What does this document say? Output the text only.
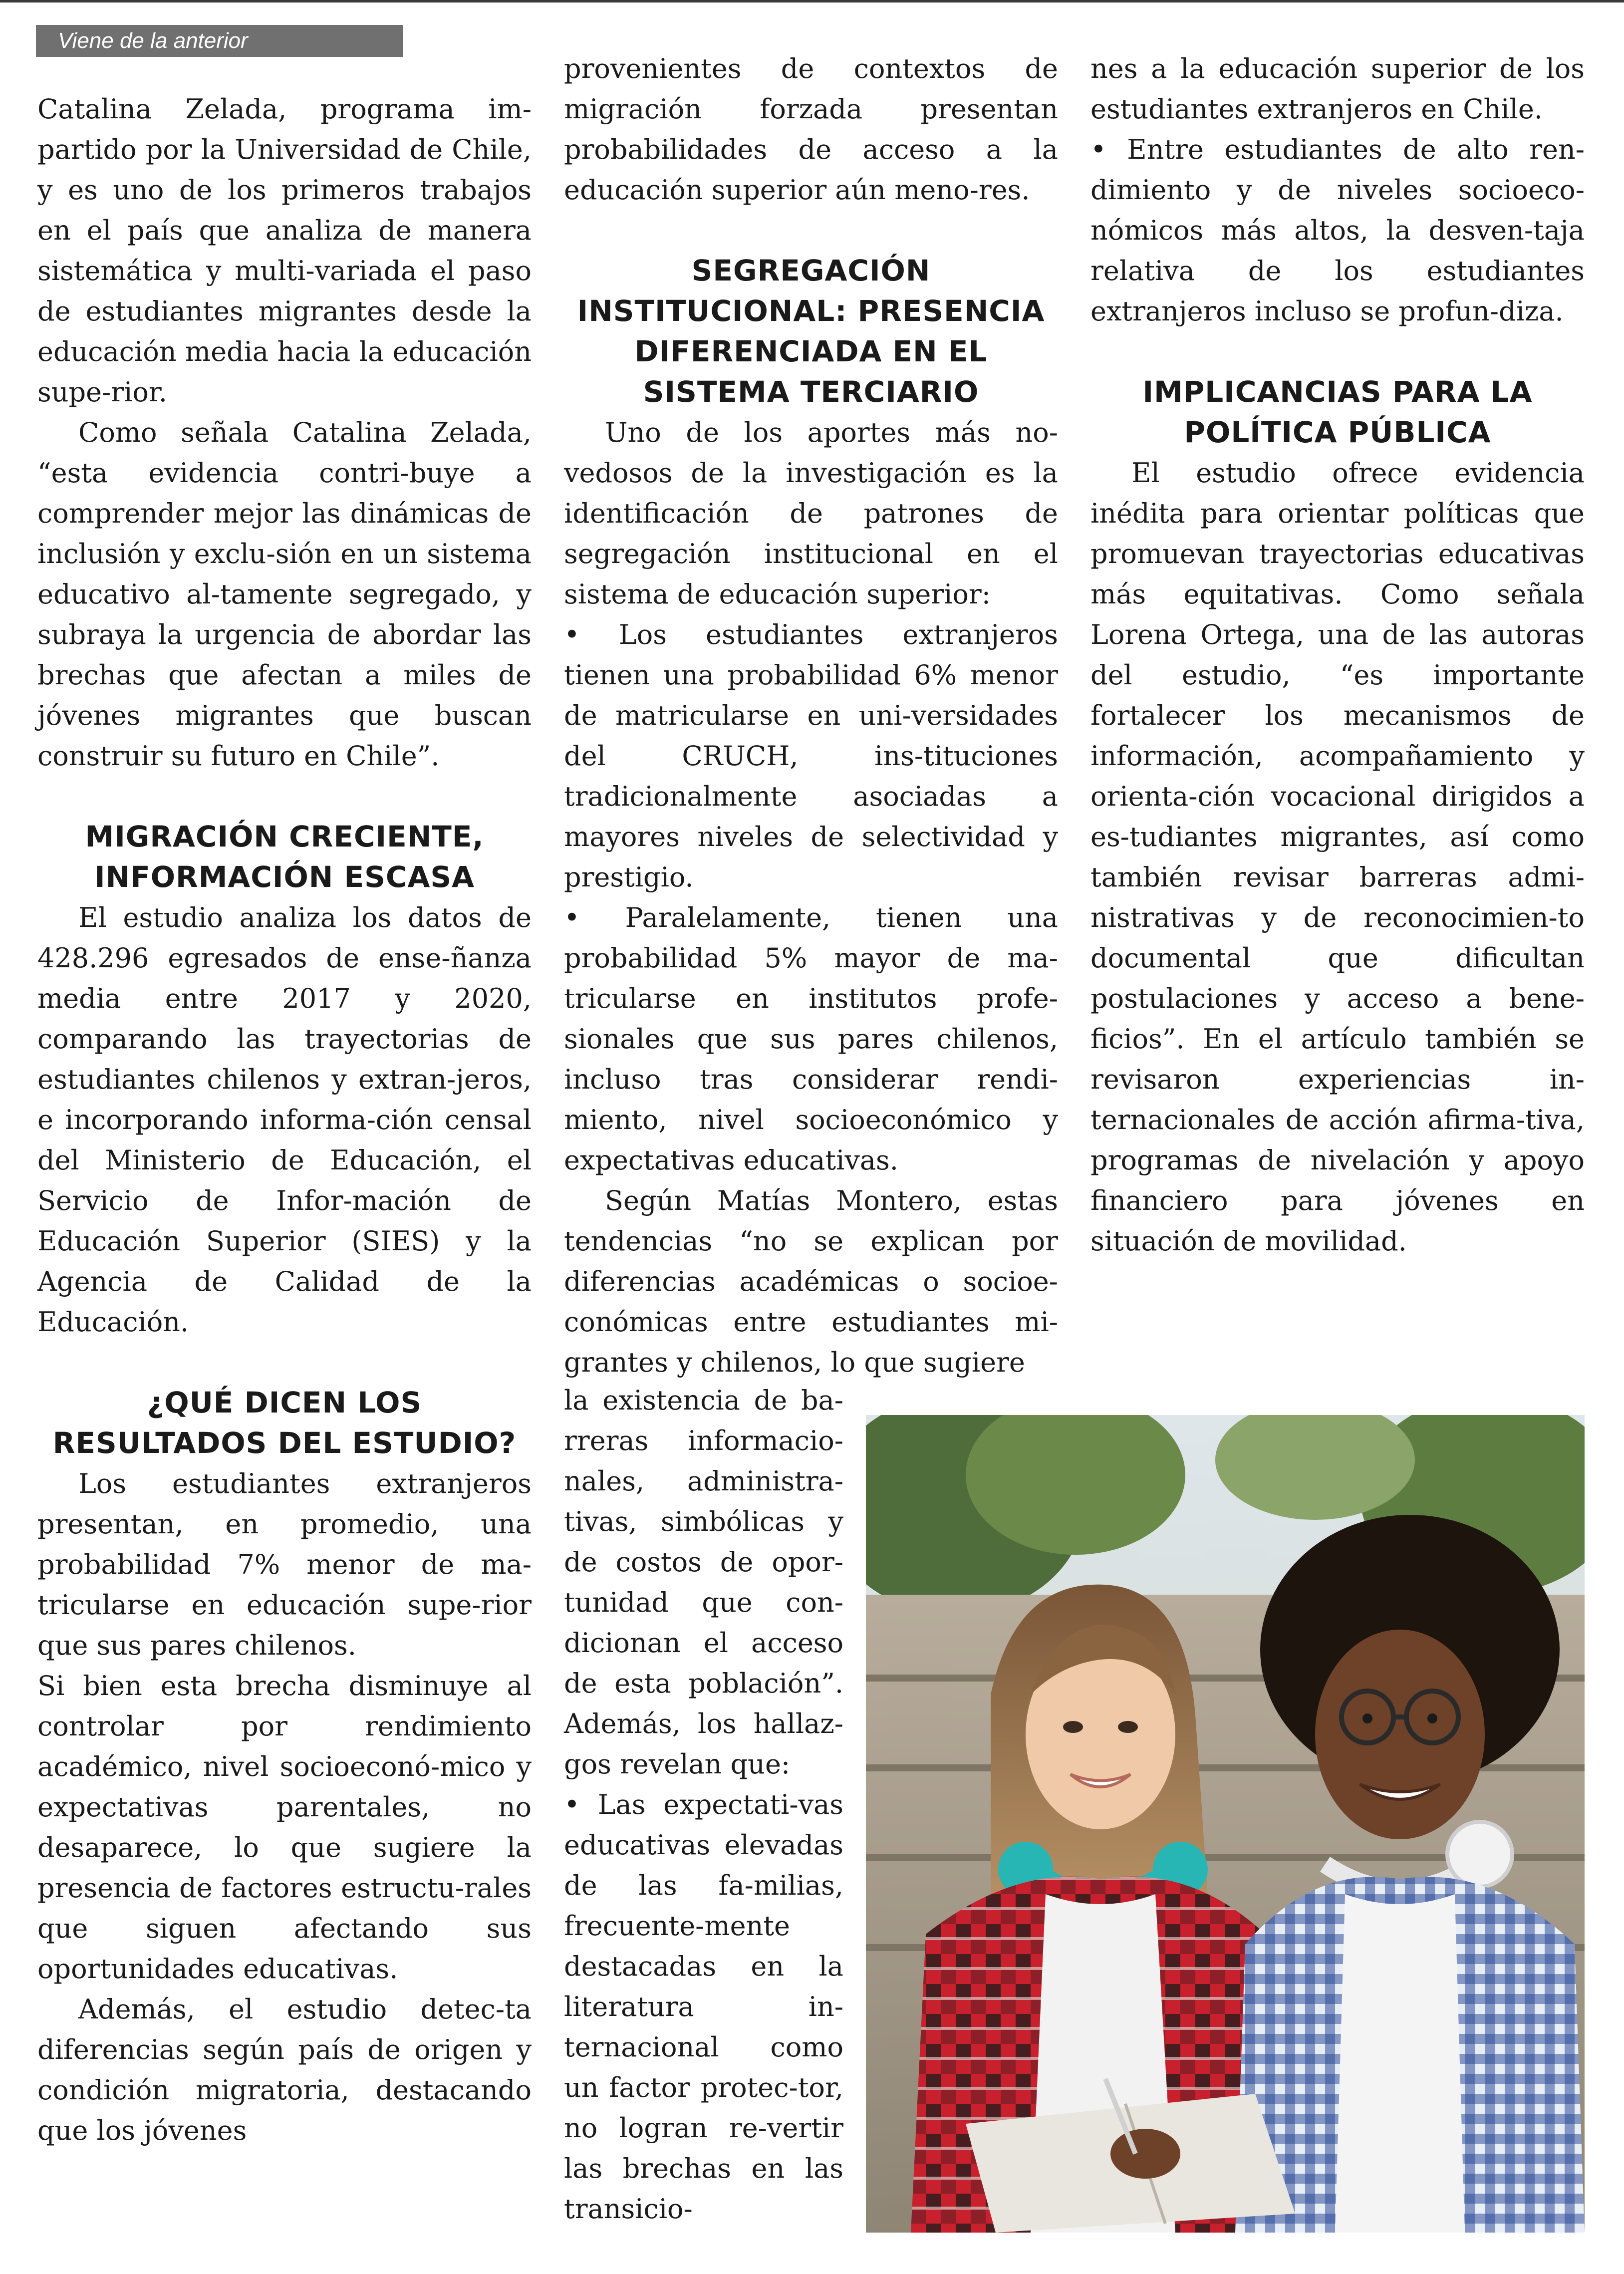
Viene de la anterior

Catalina Zelada, programa im-partido por la Universidad de Chile, y es uno de los primeros trabajos en el país que analiza de manera sistemática y multi-variada el paso de estudiantes migrantes desde la educación media hacia la educación supe-rior.

Como señala Catalina Zelada, “esta evidencia contri-buye a comprender mejor las dinámicas de inclusión y exclu-sión en un sistema educativo al-tamente segregado, y subraya la urgencia de abordar las brechas que afectan a miles de jóvenes migrantes que buscan construir su futuro en Chile”.

MIGRACIÓN CRECIENTE, INFORMACIÓN ESCASA

El estudio analiza los datos de 428.296 egresados de ense-ñanza media entre 2017 y 2020, comparando las trayectorias de estudiantes chilenos y extran-jeros, e incorporando informa-ción censal del Ministerio de Educación, el Servicio de Infor-mación de Educación Superior (SIES) y la Agencia de Calidad de la Educación.

¿QUÉ DICEN LOS RESULTADOS DEL ESTUDIO?

Los estudiantes extranjeros presentan, en promedio, una probabilidad 7% menor de ma-tricularse en educación supe-rior que sus pares chilenos.

Si bien esta brecha disminuye al controlar por rendimiento académico, nivel socioeconó-mico y expectativas parentales, no desaparece, lo que sugiere la presencia de factores estructu-rales que siguen afectando sus oportunidades educativas.

Además, el estudio detec-ta diferencias según país de origen y condición migratoria, destacando que los jóvenes

provenientes de contextos de migración forzada presentan probabilidades de acceso a la educación superior aún meno-res.

SEGREGACIÓN INSTITUCIONAL: PRESENCIA DIFERENCIADA EN EL SISTEMA TERCIARIO

Uno de los aportes más no-vedosos de la investigación es la identificación de patrones de segregación institucional en el sistema de educación superior:

• Los estudiantes extranjeros tienen una probabilidad 6% menor de matricularse en uni-versidades del CRUCH, ins-tituciones tradicionalmente asociadas a mayores niveles de selectividad y prestigio.

• Paralelamente, tienen una probabilidad 5% mayor de ma-tricularse en institutos profe-sionales que sus pares chilenos, incluso tras considerar rendi-miento, nivel socioeconómico y expectativas educativas.

Según Matías Montero, estas tendencias “no se explican por diferencias académicas o socioe-conómicas entre estudiantes mi-grantes y chilenos, lo que sugiere

la existencia de ba-rreras informacio-nales, administra-tivas, simbólicas y de costos de opor-tunidad que con-dicionan el acceso de esta población”. Además, los hallaz-gos revelan que:

• Las expectati-vas educativas elevadas de las fa-milias, frecuente-mente destacadas en la literatura in-ternacional como un factor protec-tor, no logran re-vertir las brechas en las transicio-

nes a la educación superior de los estudiantes extranjeros en Chile.

• Entre estudiantes de alto ren-dimiento y de niveles socioeco-nómicos más altos, la desven-taja relativa de los estudiantes extranjeros incluso se profun-diza.

IMPLICANCIAS PARA LA POLÍTICA PÚBLICA

El estudio ofrece evidencia inédita para orientar políticas que promuevan trayectorias educativas más equitativas. Como señala Lorena Ortega, una de las autoras del estudio, “es importante fortalecer los mecanismos de información, acompañamiento y orienta-ción vocacional dirigidos a es-tudiantes migrantes, así como también revisar barreras admi-nistrativas y de reconocimien-to documental que dificultan postulaciones y acceso a bene-ficios”. En el artículo también se revisaron experiencias in-ternacionales de acción afirma-tiva, programas de nivelación y apoyo financiero para jóvenes en situación de movilidad.
